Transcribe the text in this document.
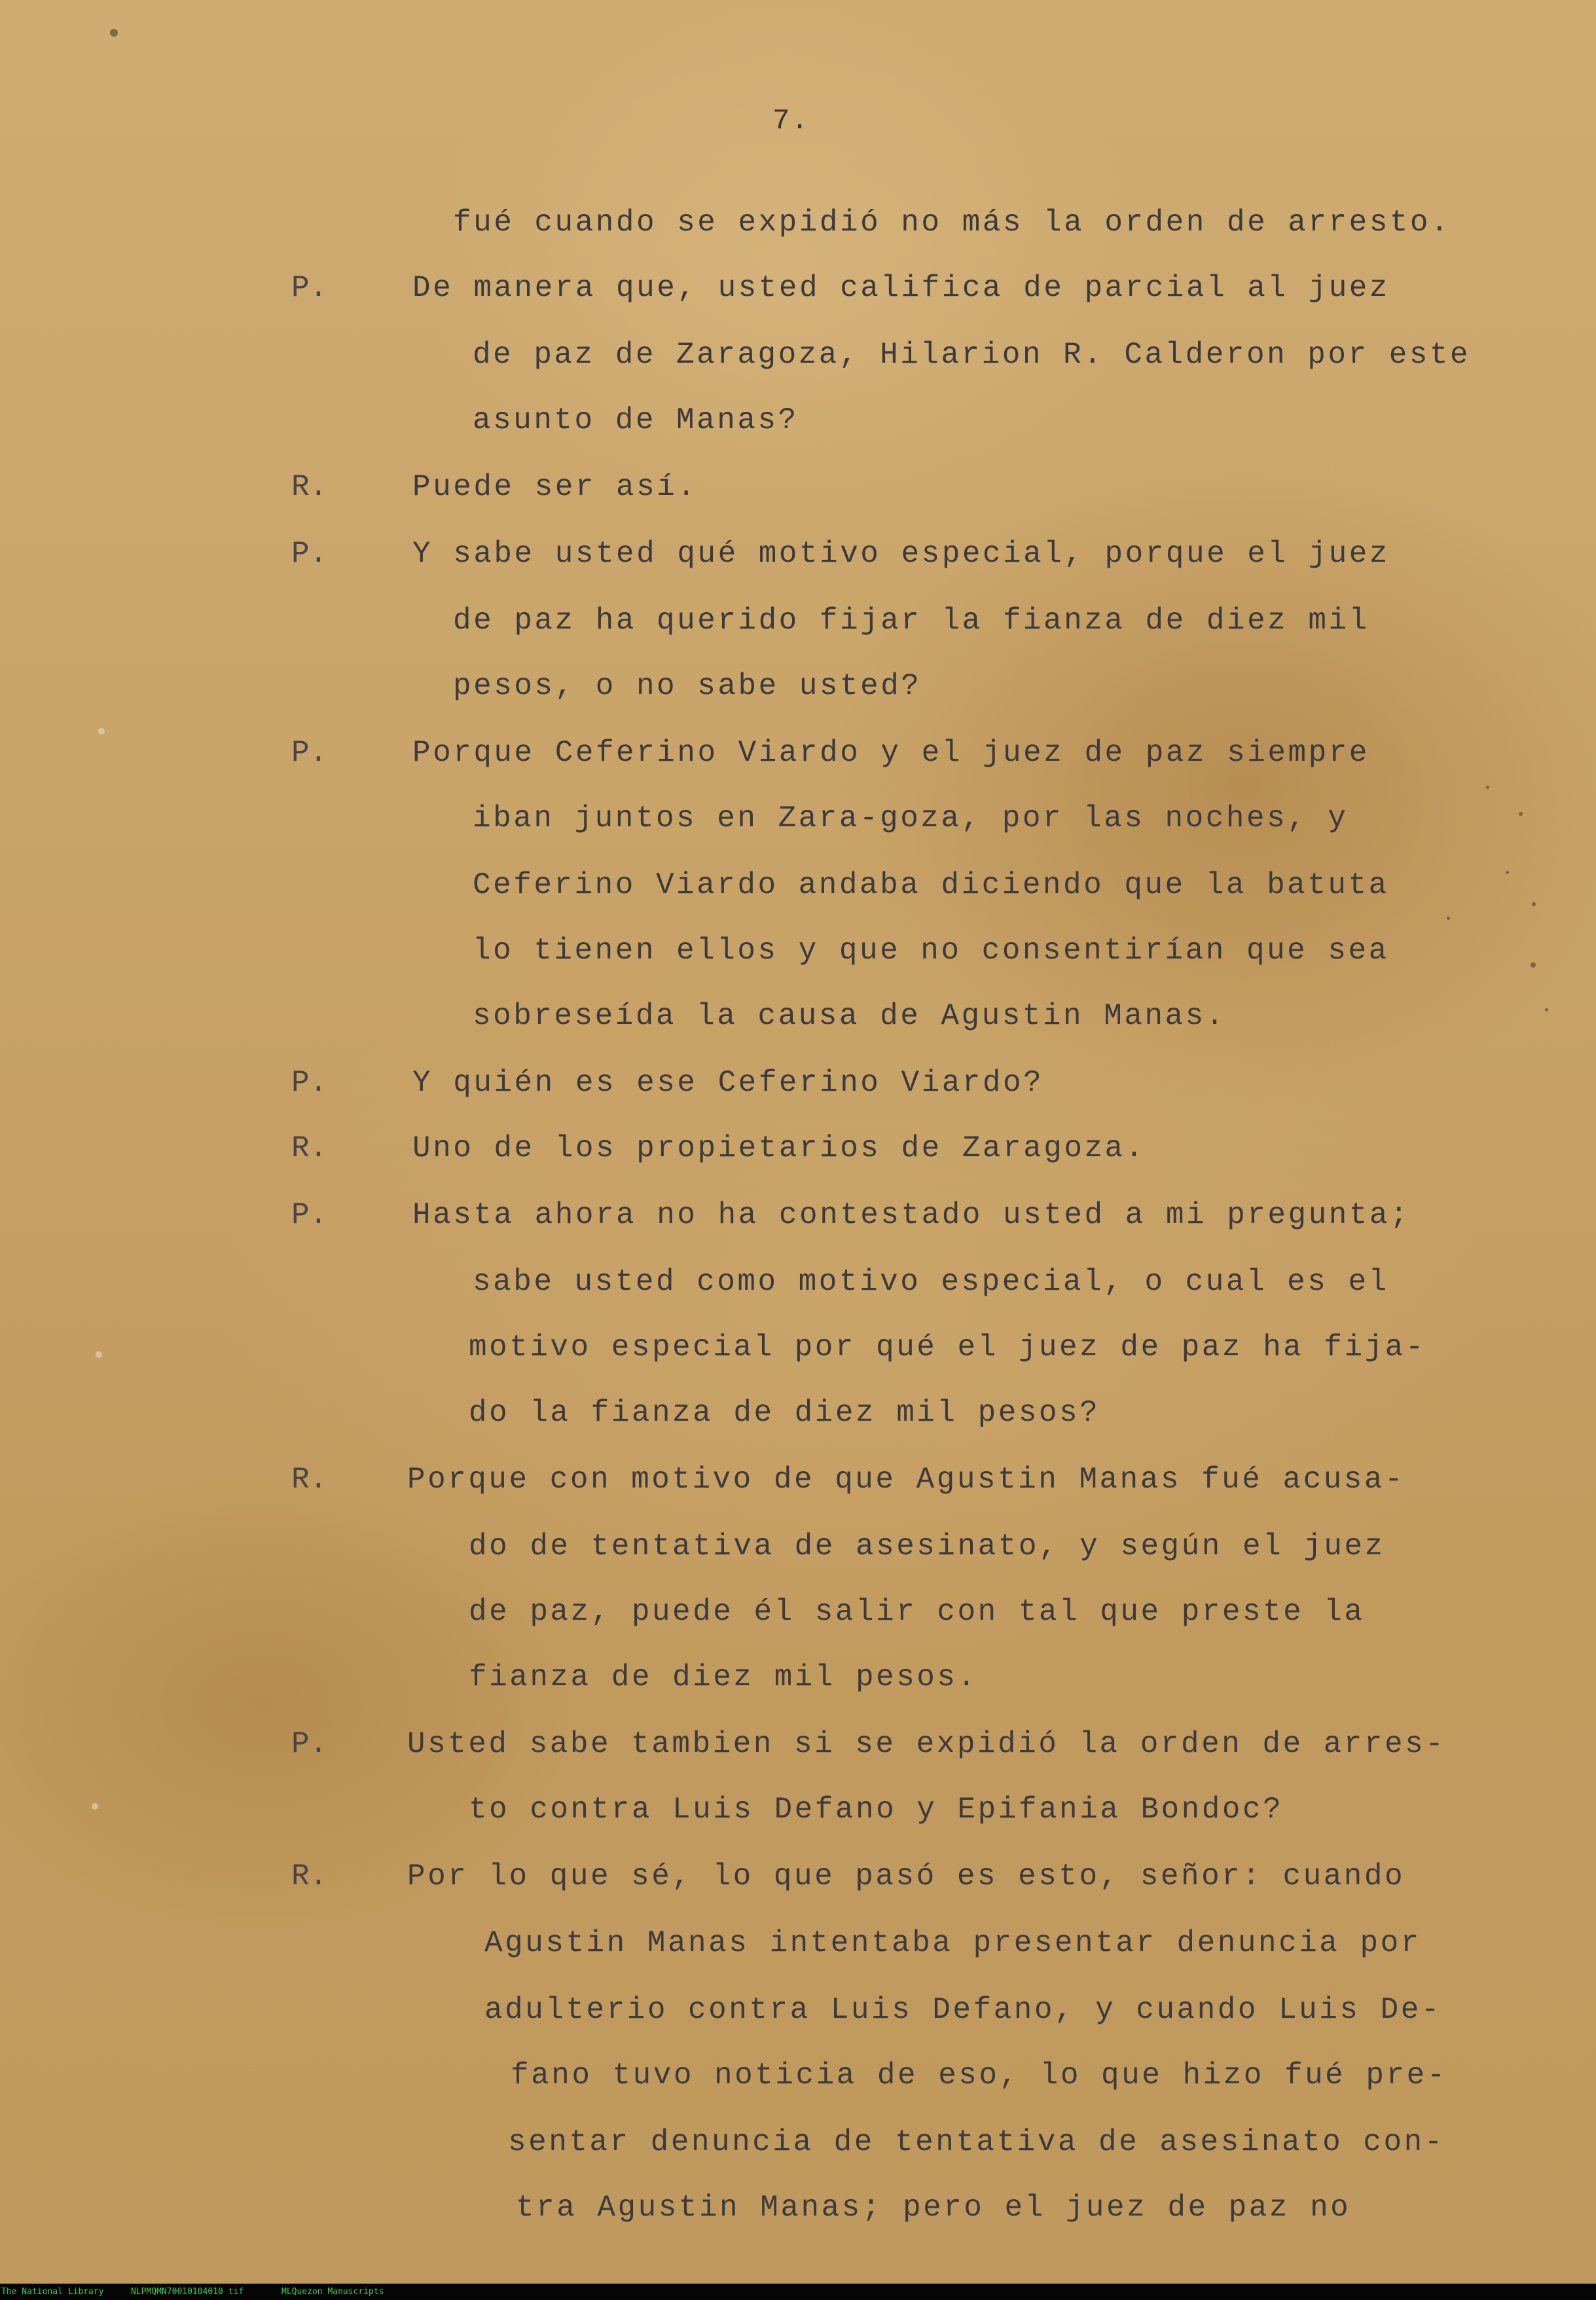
7.
fué cuando se expidió no más la orden de arresto.
P.	De manera que, usted califica de parcial al juez
de paz de Zaragoza, Hilarion R. Calderon por este
asunto de Manas?
R.	Puede ser así.
P.	Y sabe usted qué motivo especial, porque el juez
de paz ha querido fijar la fianza de diez mil
pesos, o no sabe usted?
P.	Porque Ceferino Viardo y el juez de paz siempre
iban juntos en Zara-goza, por las noches, y
Ceferino Viardo andaba diciendo que la batuta
lo tienen ellos y que no consentirían que sea
sobreseída la causa de Agustin Manas.
P.	Y quién es ese Ceferino Viardo?
R.	Uno de los propietarios de Zaragoza.
P.	Hasta ahora no ha contestado usted a mi pregunta;
sabe usted como motivo especial, o cual es el
motivo especial por qué el juez de paz ha fija-
do la fianza de diez mil pesos?
R.	Porque con motivo de que Agustin Manas fué acusa-
do de tentativa de asesinato, y según el juez
de paz, puede él salir con tal que preste la
fianza de diez mil pesos.
P.	Usted sabe tambien si se expidió la orden de arres-
to contra Luis Defano y Epifania Bondoc?
R.	Por lo que sé, lo que pasó es esto, señor: cuando
Agustin Manas intentaba presentar denuncia por
adulterio contra Luis Defano, y cuando Luis De-
fano tuvo noticia de eso, lo que hizo fué pre-
sentar denuncia de tentativa de asesinato con-
tra Agustin Manas; pero el juez de paz no
The National Library	NLPMQMN70010104010 tif	MLQuezon Manuscripts
